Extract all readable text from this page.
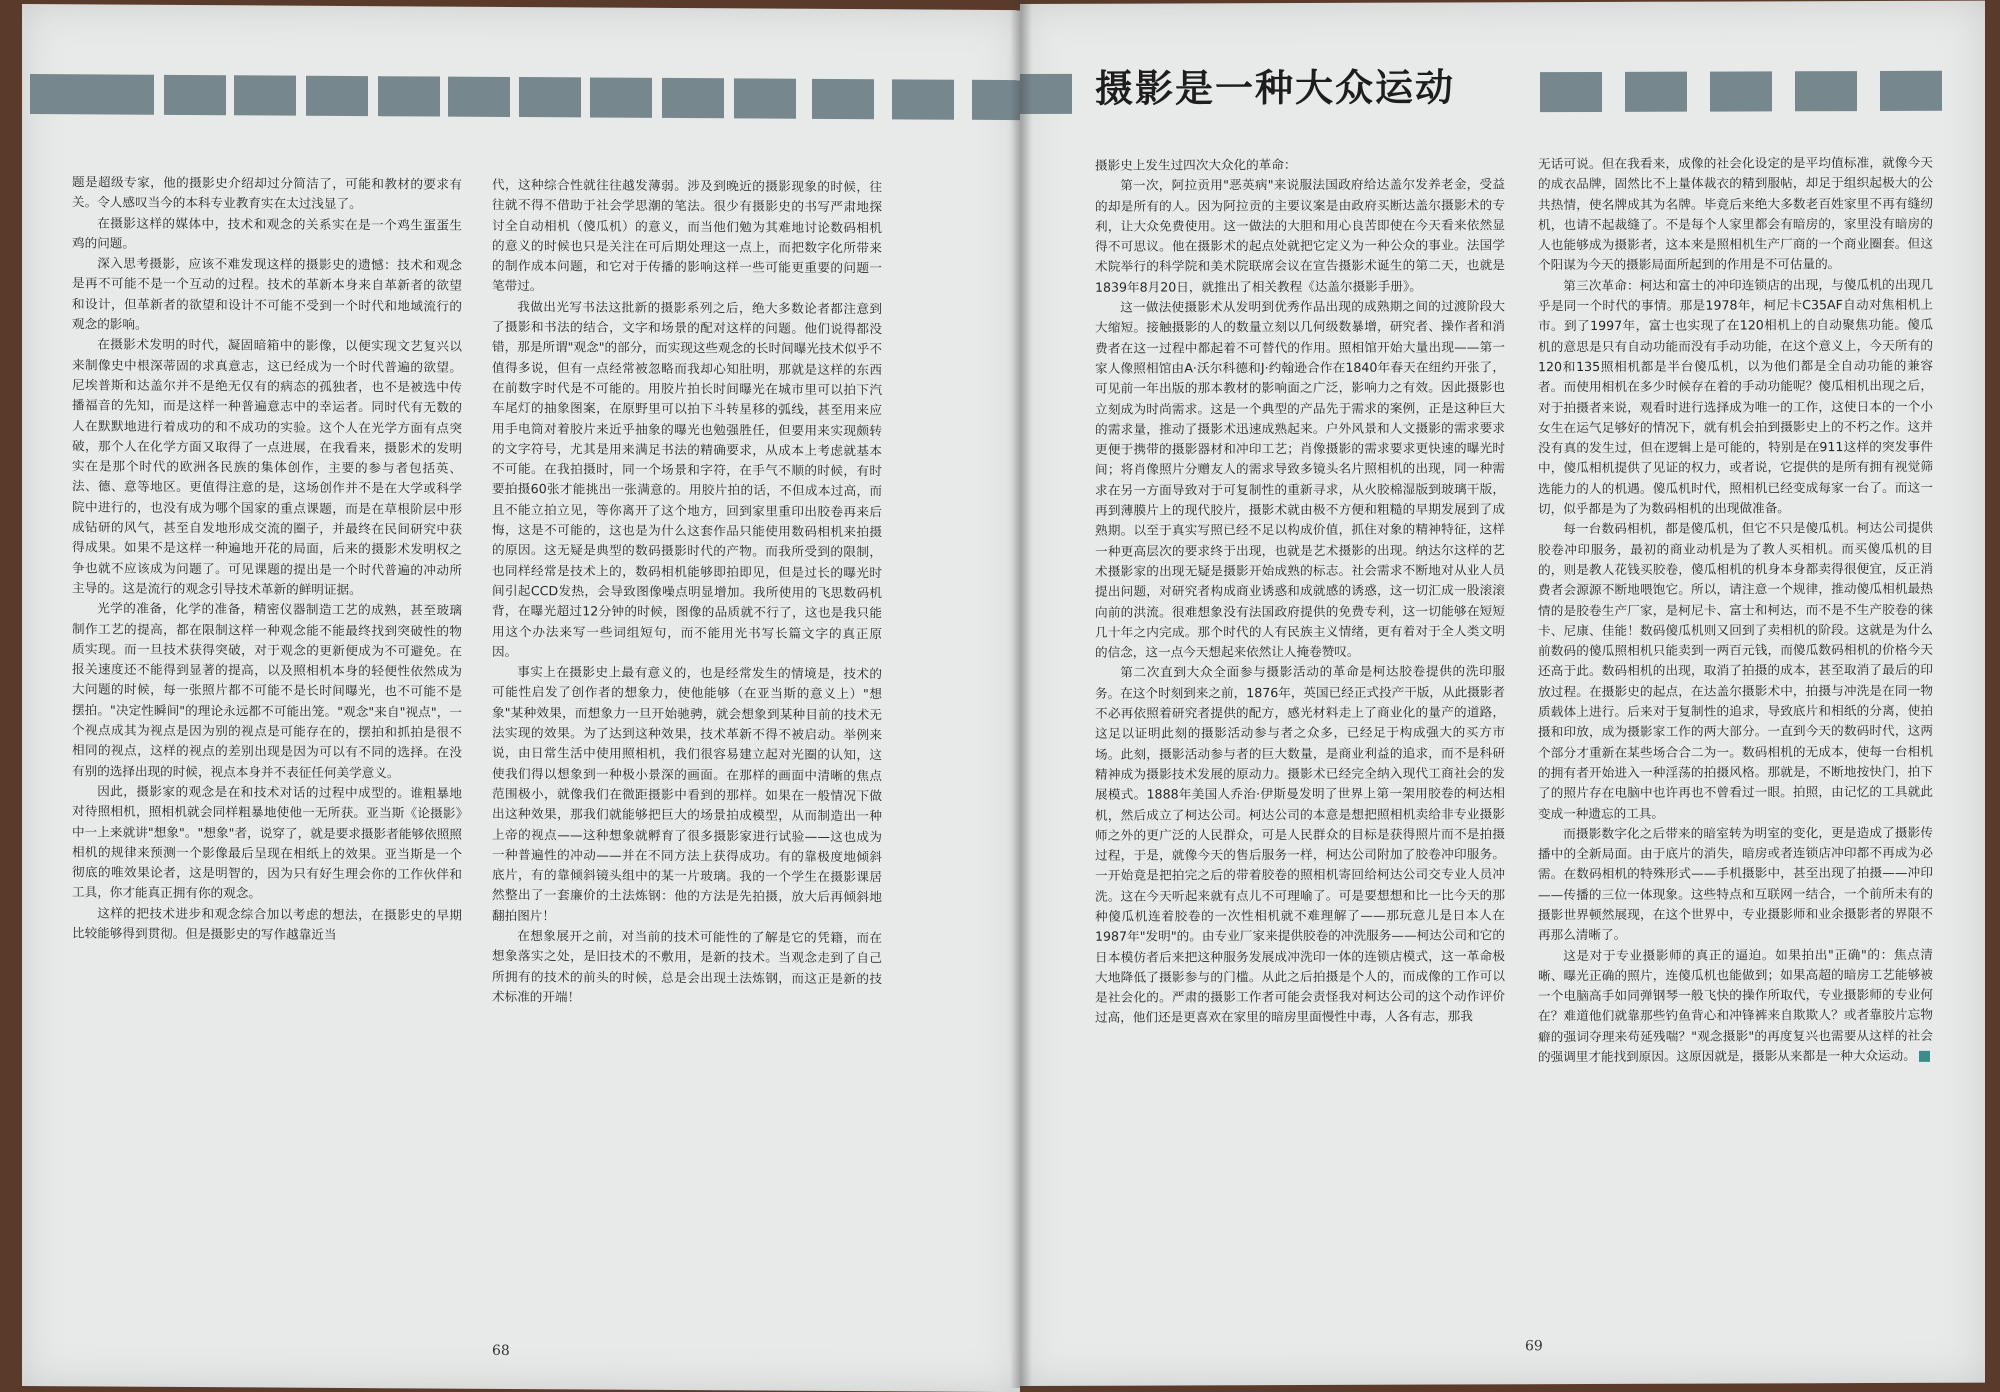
题是超级专家，他的摄影史介绍却过分简洁了，可能和教材的要求有关。令人感叹当今的本科专业教育实在太过浅显了。

在摄影这样的媒体中，技术和观念的关系实在是一个鸡生蛋蛋生鸡的问题。

深入思考摄影，应该不难发现这样的摄影史的遗憾：技术和观念是再不可能不是一个互动的过程。技术的革新本身来自革新者的欲望和设计，但革新者的欲望和设计不可能不受到一个时代和地域流行的观念的影响。

在摄影术发明的时代，凝固暗箱中的影像，以便实现文艺复兴以来制像史中根深蒂固的求真意志，这已经成为一个时代普遍的欲望。尼埃普斯和达盖尔并不是绝无仅有的病态的孤独者，也不是被选中传播福音的先知，而是这样一种普遍意志中的幸运者。同时代有无数的人在默默地进行着成功的和不成功的实验。这个人在光学方面有点突破，那个人在化学方面又取得了一点进展，在我看来，摄影术的发明实在是那个时代的欧洲各民族的集体创作，主要的参与者包括英、法、德、意等地区。更值得注意的是，这场创作并不是在大学或科学院中进行的，也没有成为哪个国家的重点课题，而是在草根阶层中形成钻研的风气，甚至自发地形成交流的圈子，并最终在民间研究中获得成果。如果不是这样一种遍地开花的局面，后来的摄影术发明权之争也就不应该成为问题了。可见课题的提出是一个时代普遍的冲动所主导的。这是流行的观念引导技术革新的鲜明证据。

光学的准备，化学的准备，精密仪器制造工艺的成熟，甚至玻璃制作工艺的提高，都在限制这样一种观念能不能最终找到突破性的物质实现。而一旦技术获得突破，对于观念的更新便成为不可避免。在报关速度还不能得到显著的提高，以及照相机本身的轻便性依然成为大问题的时候，每一张照片都不可能不是长时间曝光，也不可能不是摆拍。"决定性瞬间"的理论永远都不可能出笼。"观念"来自"视点"，一个视点成其为视点是因为别的视点是可能存在的，摆拍和抓拍是很不相同的视点，这样的视点的差别出现是因为可以有不同的选择。在没有别的选择出现的时候，视点本身并不表征任何美学意义。

因此，摄影家的观念是在和技术对话的过程中成型的。谁粗暴地对待照相机，照相机就会同样粗暴地使他一无所获。亚当斯《论摄影》中一上来就讲"想象"。"想象"者，说穿了，就是要求摄影者能够依照照相机的规律来预测一个影像最后呈现在相纸上的效果。亚当斯是一个彻底的唯效果论者，这是明智的，因为只有好生理会你的工作伙伴和工具，你才能真正拥有你的观念。

这样的把技术进步和观念综合加以考虑的想法，在摄影史的早期比较能够得到贯彻。但是摄影史的写作越靠近当

代，这种综合性就往往越发薄弱。涉及到晚近的摄影现象的时候，往往就不得不借助于社会学思潮的笔法。很少有摄影史的书写严肃地探讨全自动相机（傻瓜机）的意义，而当他们勉为其难地讨论数码相机的意义的时候也只是关注在可后期处理这一点上，而把数字化所带来的制作成本问题，和它对于传播的影响这样一些可能更重要的问题一笔带过。

我做出光写书法这批新的摄影系列之后，绝大多数论者都注意到了摄影和书法的结合，文字和场景的配对这样的问题。他们说得都没错，那是所谓"观念"的部分，而实现这些观念的长时间曝光技术似乎不值得多说，但有一点经常被忽略而我却心知肚明，那就是这样的东西在前数字时代是不可能的。用胶片拍长时间曝光在城市里可以拍下汽车尾灯的抽象图案，在原野里可以拍下斗转星移的弧线，甚至用来应用手电筒对着胶片来近乎抽象的曝光也勉强胜任，但要用来实现颇转的文字符号，尤其是用来满足书法的精确要求，从成本上考虑就基本不可能。在我拍摄时，同一个场景和字符，在手气不顺的时候，有时要拍摄60张才能挑出一张满意的。用胶片拍的话，不但成本过高，而且不能立拍立见，等你离开了这个地方，回到家里重印出胶卷再来后悔，这是不可能的，这也是为什么这套作品只能使用数码相机来拍摄的原因。这无疑是典型的数码摄影时代的产物。而我所受到的限制，也同样经常是技术上的，数码相机能够即拍即见，但是过长的曝光时间引起CCD发热，会导致图像噪点明显增加。我所使用的飞思数码机背，在曝光超过12分钟的时候，图像的品质就不行了，这也是我只能用这个办法来写一些词组短句，而不能用光书写长篇文字的真正原因。

事实上在摄影史上最有意义的，也是经常发生的情境是，技术的可能性启发了创作者的想象力，使他能够（在亚当斯的意义上）"想象"某种效果，而想象力一旦开始驰骋，就会想象到某种目前的技术无法实现的效果。为了达到这种效果，技术革新不得不被启动。举例来说，由日常生活中使用照相机，我们很容易建立起对光圈的认知，这使我们得以想象到一种极小景深的画面。在那样的画面中清晰的焦点范围极小，就像我们在微距摄影中看到的那样。如果在一般情况下做出这种效果，那我们就能够把巨大的场景拍成模型，从而制造出一种上帝的视点——这种想象就孵育了很多摄影家进行试验——这也成为一种普遍性的冲动——并在不同方法上获得成功。有的靠极度地倾斜底片，有的靠倾斜镜头组中的某一片玻璃。我的一个学生在摄影课居然整出了一套廉价的土法炼钢：他的方法是先拍摄，放大后再倾斜地翻拍图片！

在想象展开之前，对当前的技术可能性的了解是它的凭籍，而在想象落实之处，是旧技术的不敷用，是新的技术。当观念走到了自己所拥有的技术的前头的时候，总是会出现土法炼钢，而这正是新的技术标准的开端！

68
摄影是一种大众运动

摄影史上发生过四次大众化的革命：

第一次，阿拉贡用"恶英病"来说服法国政府给达盖尔发养老金，受益的却是所有的人。因为阿拉贡的主要议案是由政府买断达盖尔摄影术的专利，让大众免费使用。这一做法的大胆和用心良苦即使在今天看来依然显得不可思议。他在摄影术的起点处就把它定义为一种公众的事业。法国学术院举行的科学院和美术院联席会议在宣告摄影术诞生的第二天，也就是1839年8月20日，就推出了相关教程《达盖尔摄影手册》。

这一做法使摄影术从发明到优秀作品出现的成熟期之间的过渡阶段大大缩短。接触摄影的人的数量立刻以几何级数暴增，研究者、操作者和消费者在这一过程中都起着不可替代的作用。照相馆开始大量出现——第一家人像照相馆由A·沃尔科德和J·约翰逊合作在1840年春天在纽约开张了，可见前一年出版的那本教材的影响面之广泛，影响力之有效。因此摄影也立刻成为时尚需求。这是一个典型的产品先于需求的案例，正是这种巨大的需求量，推动了摄影术迅速成熟起来。户外风景和人文摄影的需求要求更便于携带的摄影器材和冲印工艺；肖像摄影的需求要求更快速的曝光时间；将肖像照片分赠友人的需求导致多镜头名片照相机的出现，同一种需求在另一方面导致对于可复制性的重新寻求，从火胶棉湿版到玻璃干版，再到薄膜片上的现代胶片，摄影术就由极不方便和粗糙的早期发展到了成熟期。以至于真实写照已经不足以构成价值，抓住对象的精神特征，这样一种更高层次的要求终于出现，也就是艺术摄影的出现。纳达尔这样的艺术摄影家的出现无疑是摄影开始成熟的标志。社会需求不断地对从业人员提出问题，对研究者构成商业诱惑和成就感的诱惑，这一切汇成一股滚滚向前的洪流。很难想象没有法国政府提供的免费专利，这一切能够在短短几十年之内完成。那个时代的人有民族主义情绪，更有着对于全人类文明的信念，这一点今天想起来依然让人掩卷赞叹。

第二次直到大众全面参与摄影活动的革命是柯达胶卷提供的洗印服务。在这个时刻到来之前，1876年，英国已经正式投产干版，从此摄影者不必再依照着研究者提供的配方，感光材料走上了商业化的量产的道路，这足以证明此刻的摄影活动参与者之众多，已经足于构成强大的买方市场。此刻，摄影活动参与者的巨大数量，是商业利益的追求，而不是科研精神成为摄影技术发展的原动力。摄影术已经完全纳入现代工商社会的发展模式。1888年美国人乔治·伊斯曼发明了世界上第一架用胶卷的柯达相机，然后成立了柯达公司。柯达公司的本意是想把照相机卖给非专业摄影师之外的更广泛的人民群众，可是人民群众的目标是获得照片而不是拍摄过程，于是，就像今天的售后服务一样，柯达公司附加了胶卷冲印服务。一开始竟是把拍完之后的带着胶卷的照相机寄回给柯达公司交专业人员冲洗。这在今天听起来就有点儿不可理喻了。可是要想想和比一比今天的那种傻瓜机连着胶卷的一次性相机就不难理解了——那玩意儿是日本人在1987年"发明"的。由专业厂家来提供胶卷的冲洗服务——柯达公司和它的日本模仿者后来把这种服务发展成冲洗印一体的连锁店模式，这一革命极大地降低了摄影参与的门槛。从此之后拍摄是个人的，而成像的工作可以是社会化的。严肃的摄影工作者可能会责怪我对柯达公司的这个动作评价过高，他们还是更喜欢在家里的暗房里面慢性中毒，人各有志，那我

无话可说。但在我看来，成像的社会化设定的是平均值标准，就像今天的成衣品牌，固然比不上量体裁衣的精到服帖，却足于组织起极大的公共热情，使名牌成其为名牌。毕竟后来绝大多数老百姓家里不再有缝纫机，也请不起裁缝了。不是每个人家里都会有暗房的，家里没有暗房的人也能够成为摄影者，这本来是照相机生产厂商的一个商业圈套。但这个阳谋为今天的摄影局面所起到的作用是不可估量的。

第三次革命：柯达和富士的冲印连锁店的出现，与傻瓜机的出现几乎是同一个时代的事情。那是1978年，柯尼卡C35AF自动对焦相机上市。到了1997年，富士也实现了在120相机上的自动聚焦功能。傻瓜机的意思是只有自动功能而没有手动功能，在这个意义上，今天所有的120和135照相机都是半台傻瓜机，以为他们都是全自动功能的兼容者。而使用相机在多少时候存在着的手动功能呢？傻瓜相机出现之后，对于拍摄者来说，观看时进行选择成为唯一的工作，这使日本的一个小女生在运气足够好的情况下，就有机会拍到摄影史上的不朽之作。这并没有真的发生过，但在逻辑上是可能的，特别是在911这样的突发事件中，傻瓜相机提供了见证的权力，或者说，它提供的是所有拥有视觉筛选能力的人的机遇。傻瓜机时代，照相机已经变成每家一台了。而这一切，似乎都是为了为数码相机的出现做准备。

每一台数码相机，都是傻瓜机，但它不只是傻瓜机。柯达公司提供胶卷冲印服务，最初的商业动机是为了教人买相机。而买傻瓜机的目的，则是教人花钱买胶卷，傻瓜相机的机身本身都卖得很便宜，反正消费者会源源不断地喂饱它。所以，请注意一个规律，推动傻瓜相机最热情的是胶卷生产厂家，是柯尼卡、富士和柯达，而不是不生产胶卷的徕卡、尼康、佳能！数码傻瓜机则又回到了卖相机的阶段。这就是为什么前数码的傻瓜照相机只能卖到一两百元钱，而傻瓜数码相机的价格今天还高于此。数码相机的出现，取消了拍摄的成本，甚至取消了最后的印放过程。在摄影史的起点，在达盖尔摄影术中，拍摄与冲洗是在同一物质载体上进行。后来对于复制性的追求，导致底片和相纸的分离，使拍摄和印放，成为摄影家工作的两大部分。一直到今天的数码时代，这两个部分才重新在某些场合合二为一。数码相机的无成本，使每一台相机的拥有者开始进入一种淫荡的拍摄风格。那就是，不断地按快门，拍下了的照片存在电脑中也许再也不曾看过一眼。拍照，由记忆的工具就此变成一种遗忘的工具。

而摄影数字化之后带来的暗室转为明室的变化，更是造成了摄影传播中的全新局面。由于底片的消失，暗房或者连锁店冲印都不再成为必需。在数码相机的特殊形式——手机摄影中，甚至出现了拍摄——冲印——传播的三位一体现象。这些特点和互联网一结合，一个前所未有的摄影世界顿然展现，在这个世界中，专业摄影师和业余摄影者的界限不再那么清晰了。

这是对于专业摄影师的真正的逼迫。如果拍出"正确"的：焦点清晰、曝光正确的照片，连傻瓜机也能做到；如果高超的暗房工艺能够被一个电脑高手如同弹钢琴一般飞快的操作所取代，专业摄影师的专业何在？难道他们就靠那些钓鱼背心和冲锋裤来自欺欺人？或者靠胶片忘物癖的强词夺理来苟延残喘？"观念摄影"的再度复兴也需要从这样的社会的强调里才能找到原因。这原因就是，摄影从来都是一种大众运动。

69
